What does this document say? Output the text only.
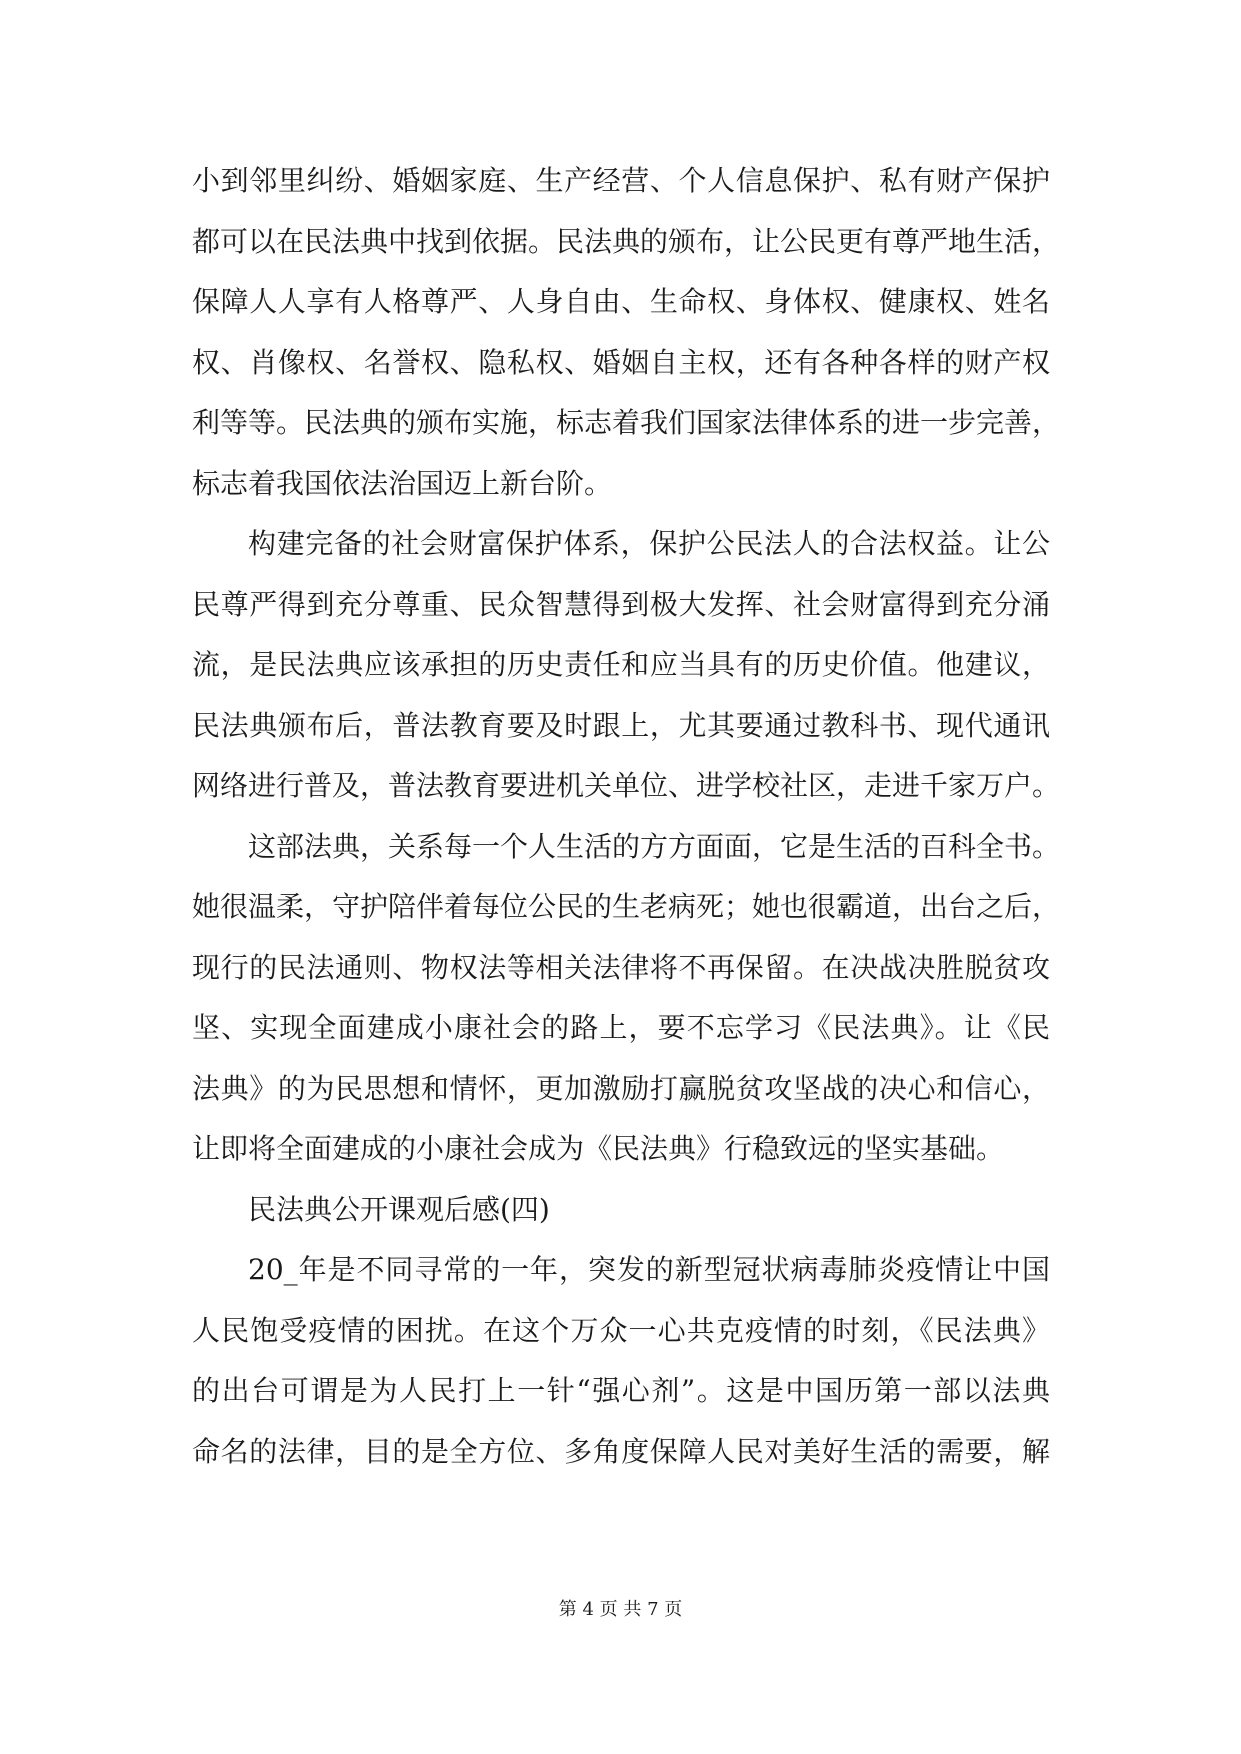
小到邻里纠纷、婚姻家庭、生产经营、个人信息保护、私有财产保护
都可以在民法典中找到依据。民法典的颁布，让公民更有尊严地生活，
保障人人享有人格尊严、人身自由、生命权、身体权、健康权、姓名
权、肖像权、名誉权、隐私权、婚姻自主权，还有各种各样的财产权
利等等。民法典的颁布实施，标志着我们国家法律体系的进一步完善，
标志着我国依法治国迈上新台阶。
构建完备的社会财富保护体系，保护公民法人的合法权益。让公
民尊严得到充分尊重、民众智慧得到极大发挥、社会财富得到充分涌
流，是民法典应该承担的历史责任和应当具有的历史价值。他建议，
民法典颁布后，普法教育要及时跟上，尤其要通过教科书、现代通讯
网络进行普及，普法教育要进机关单位、进学校社区，走进千家万户。
这部法典，关系每一个人生活的方方面面，它是生活的百科全书。
她很温柔，守护陪伴着每位公民的生老病死；她也很霸道，出台之后，
现行的民法通则、物权法等相关法律将不再保留。在决战决胜脱贫攻
坚、实现全面建成小康社会的路上，要不忘学习《民法典》。让《民
法典》的为民思想和情怀，更加激励打赢脱贫攻坚战的决心和信心，
让即将全面建成的小康社会成为《民法典》行稳致远的坚实基础。
民法典公开课观后感(四)
20_年是不同寻常的一年，突发的新型冠状病毒肺炎疫情让中国
人民饱受疫情的困扰。在这个万众一心共克疫情的时刻，《民法典》
的出台可谓是为人民打上一针“强心剂”。这是中国历第一部以法典
命名的法律，目的是全方位、多角度保障人民对美好生活的需要，解
第 4 页 共 7 页
